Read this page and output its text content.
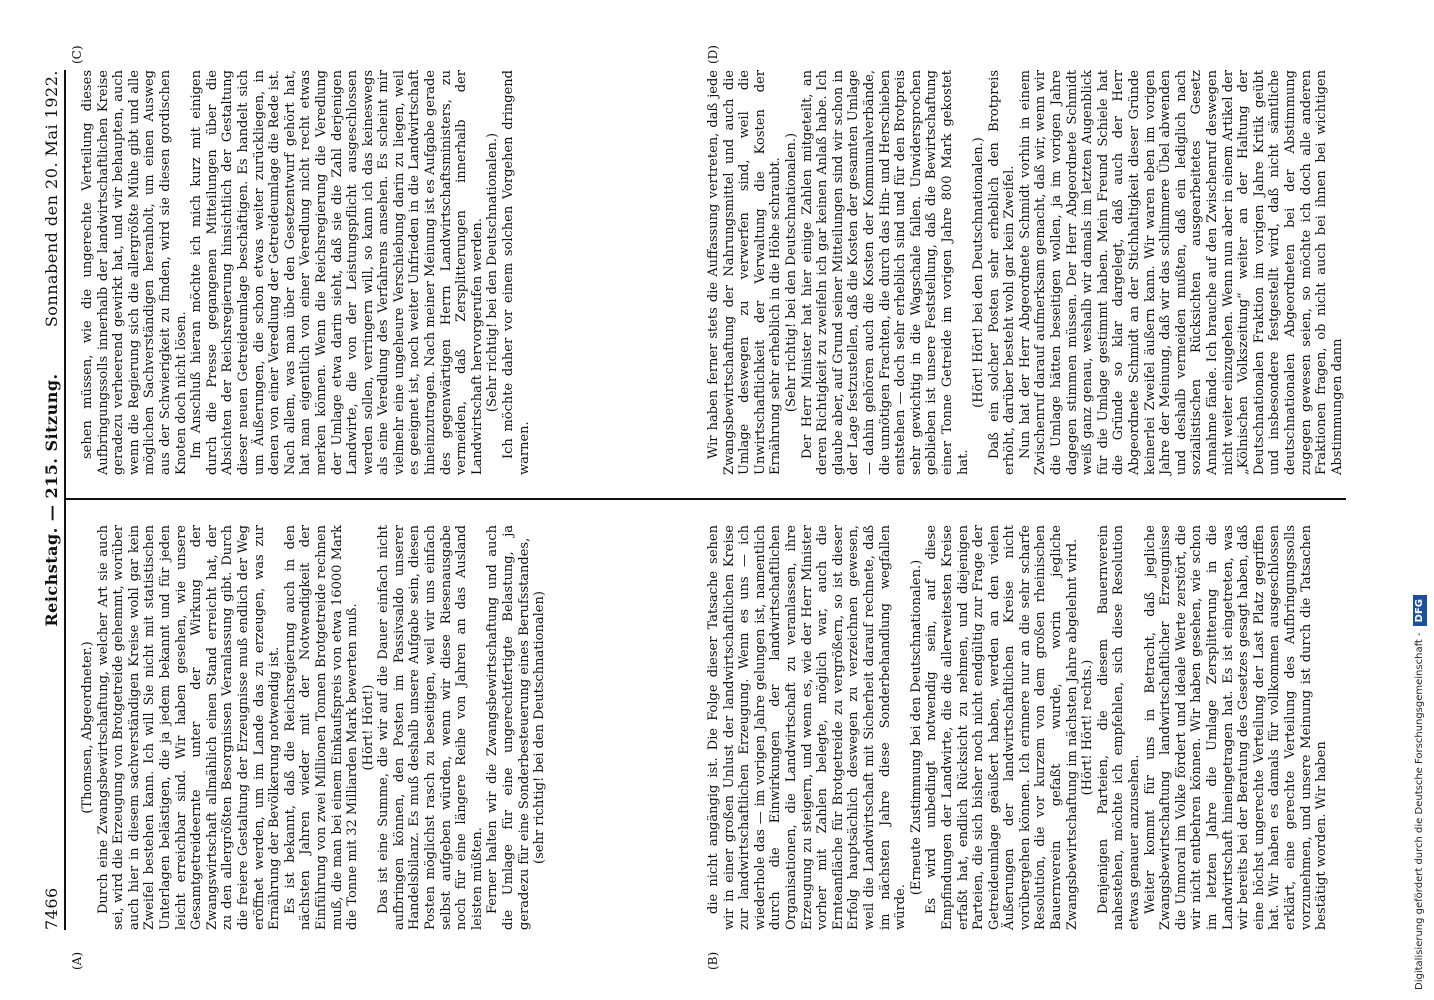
7466
Reichstag. — 215. Sitzung.
Sonnabend den 20. Mai 1922.
(A)	(B)
(C)	(D)

(Thomsen, Abgeordneter.) Durch eine Zwangsbewirtschaftung, welcher Art sie auch sei, wird die Erzeugung von Brotgetreide gehemmt, worüber auch hier in diesem sachverständigen Kreise wohl gar kein Zweifel bestehen kann. Ich will Sie nicht mit statistischen Unterlagen belästigen, die ja jedem bekannt und für jeden leicht erreichbar sind. Wir haben gesehen, wie unsere Gesamtgetreideernte unter der Wirkung der Zwangswirtschaft allmählich einen Stand erreicht hat, der zu den allergrößten Besorgnissen Veranlassung gibt. Durch die freiere Gestaltung der Erzeugnisse muß endlich der Weg eröffnet werden, um im Lande das zu erzeugen, was zur Ernährung der Bevölkerung notwendig ist. Es ist bekannt, daß die Reichsregierung auch in den nächsten Jahren wieder mit der Notwendigkeit der Einführung von zwei Millionen Tonnen Brotgetreide rechnen muß, die man bei einem Einkaufspreis von etwa 16000 Mark die Tonne mit 32 Milliarden Mark bewerten muß. (Hört! Hört!) Das ist eine Summe, die wir auf die Dauer einfach nicht aufbringen können, den Posten im Passivsaldo unserer Handelsbilanz. Es muß deshalb unsere Aufgabe sein, diesen Posten möglichst rasch zu beseitigen, weil wir uns einfach selbst aufgeben würden, wenn wir diese Riesenausgabe noch für eine längere Reihe von Jahren an das Ausland leisten müßten. Ferner halten wir die Zwangsbewirtschaftung und auch die Umlage für eine ungerechtfertigte Belastung, ja geradezu für eine Sonderbesteuerung eines Berufsstandes, (sehr richtig! bei den Deutschnationalen)	die nicht angängig ist. Die Folge dieser Tatsache sehen wir in einer großen Unlust der landwirtschaftlichen Kreise zur landwirtschaftlichen Erzeugung. Wenn es uns — ich wiederhole das — im vorigen Jahre gelungen ist, namentlich durch die Einwirkungen der landwirtschaftlichen Organisationen, die Landwirtschaft zu veranlassen, ihre Erzeugung zu steigern, und wenn es, wie der Herr Minister vorher mit Zahlen belegte, möglich war, auch die Ernteanfläche für Brotgetreide zu vergrößern, so ist dieser Erfolg hauptsächlich deswegen zu verzeichnen gewesen, weil die Landwirtschaft mit Sicherheit darauf rechnete, daß im nächsten Jahre diese Sonderbehandlung wegfallen würde.

(Erneute Zustimmung bei den Deutschnationalen.) Es wird unbedingt notwendig sein, auf diese Empfindungen der Landwirte, die die allerweitesten Kreise erfaßt hat, endlich Rücksicht zu nehmen, und diejenigen Parteien, die sich bisher noch nicht endgültig zur Frage der Getreideumlage geäußert haben, werden an den vielen Äußerungen der landwirtschaftlichen Kreise nicht vorübergehen können. Ich erinnere nur an die sehr scharfe Resolution, die vor kurzem von dem großen rheinischen Bauernverein gefaßt wurde, worin jegliche Zwangsbewirtschaftung im nächsten Jahre abgelehnt wird. (Hört! Hört! rechts.) Denjenigen Parteien, die diesem Bauernverein nahestehen, möchte ich empfehlen, sich diese Resolution etwas genauer anzusehen. Weiter kommt für uns in Betracht, daß jegliche Zwangsbewirtschaftung landwirtschaftlicher Erzeugnisse die Unmoral im Volke fördert und ideale Werte zerstört, die wir nicht entbehren können. Wir haben gesehen, wie schon im letzten Jahre die Umlage Zersplitterung in die Landwirtschaft hineingetragen hat. Es ist eingetreten, was wir bereits bei der Beratung des Gesetzes gesagt haben, daß eine höchst ungerechte Verteilung der Last Platz gegriffen hat. Wir haben es damals für vollkommen ausgeschlossen erklärt, eine gerechte Verteilung des Aufbringungssolls vorzunehmen, und unsere Meinung ist durch die Tatsachen bestätigt worden. Wir haben

sehen müssen, wie die ungerechte Verteilung dieses Aufbringungssolls innerhalb der landwirtschaftlichen Kreise geradezu verheerend gewirkt hat, und wir behaupten, auch wenn die Regierung sich die allergrößte Mühe gibt und alle möglichen Sachverständigen heranholt, um einen Ausweg aus der Schwierigkeit zu finden, wird sie diesen gordischen Knoten doch nicht lösen. Im Anschluß hieran möchte ich mich kurz mit einigen durch die Presse gegangenen Mitteilungen über die Absichten der Reichsregierung hinsichtlich der Gestaltung dieser neuen Getreideumlage beschäftigen. Es handelt sich um Äußerungen, die schon etwas weiter zurückliegen, in denen von einer Veredlung der Getreideumlage die Rede ist. Nach allem, was man über den Gesetzentwurf gehört hat, hat man eigentlich von einer Veredlung nicht recht etwas merken können. Wenn die Reichsregierung die Veredlung der Umlage etwa darin sieht, daß sie die Zahl derjenigen Landwirte, die von der Leistungspflicht ausgeschlossen werden sollen, verringern will, so kann ich das keineswegs als eine Veredlung des Verfahrens ansehen. Es scheint mir vielmehr eine ungeheure Verschiebung darin zu liegen, weil es geeignet ist, noch weiter Unfrieden in die Landwirtschaft hineinzutragen. Nach meiner Meinung ist es Aufgabe gerade des gegenwärtigen Herrn Landwirtschaftsministers, zu vermeiden, daß Zersplitterungen innerhalb der Landwirtschaft hervorgerufen werden. (Sehr richtig! bei den Deutschnationalen.) Ich möchte daher vor einem solchen Vorgehen dringend warnen.	Wir haben ferner stets die Auffassung vertreten, daß jede Zwangsbewirtschaftung der Nahrungsmittel und auch die Umlage deswegen zu verwerfen sind, weil die Unwirtschaftlichkeit der Verwaltung die Kosten der Ernährung sehr erheblich in die Höhe schraubt. (Sehr richtig! bei den Deutschnationalen.) Der Herr Minister hat hier einige Zahlen mitgeteilt, an deren Richtigkeit zu zweifeln ich gar keinen Anlaß habe. Ich glaube aber, auf Grund seiner Mitteilungen sind wir schon in der Lage festzustellen, daß die Kosten der gesamten Umlage — dahin gehören auch die Kosten der Kommunalverbände, die unnötigen Frachten, die durch das Hin- und Herschieben entstehen — doch sehr erheblich sind und für den Brotpreis sehr gewichtig in die Wagschale fallen. Unwidersprochen geblieben ist unsere Feststellung, daß die Bewirtschaftung einer Tonne Getreide im vorigen Jahre 800 Mark gekostet hat.

(Hört! Hört! bei den Deutschnationalen.) Daß ein solcher Posten sehr erheblich den Brotpreis erhöht, darüber besteht wohl gar kein Zweifel. Nun hat der Herr Abgeordnete Schmidt vorhin in einem Zwischenruf darauf aufmerksam gemacht, daß wir, wenn wir die Umlage hätten beseitigen wollen, ja im vorigen Jahre dagegen stimmen müssen. Der Herr Abgeordnete Schmidt weiß ganz genau, weshalb wir damals im letzten Augenblick für die Umlage gestimmt haben. Mein Freund Schiele hat die Gründe so klar dargelegt, daß auch der Herr Abgeordnete Schmidt an der Stichhaltigkeit dieser Gründe keinerlei Zweifel äußern kann. Wir waren eben im vorigen Jahre der Meinung, daß wir das schlimmere Übel abwenden und deshalb vermeiden mußten, daß ein lediglich nach sozialistischen Rücksichten ausgearbeitetes Gesetz Annahme fände. Ich brauche auf den Zwischenruf deswegen nicht weiter einzugehen. Wenn nun aber in einem Artikel der „Kölnischen Volkszeitung“ weiter an der Haltung der Deutschnationalen Fraktion im vorigen Jahre Kritik geübt und insbesondere festgestellt wird, daß nicht sämtliche deutschnationalen Abgeordneten bei der Abstimmung zugegen gewesen seien, so möchte ich doch alle anderen Fraktionen fragen, ob nicht auch bei ihnen bei wichtigen Abstimmungen dann

Digitalisierung gefördert durch die Deutsche Forschungsgemeinschaft -DFG
